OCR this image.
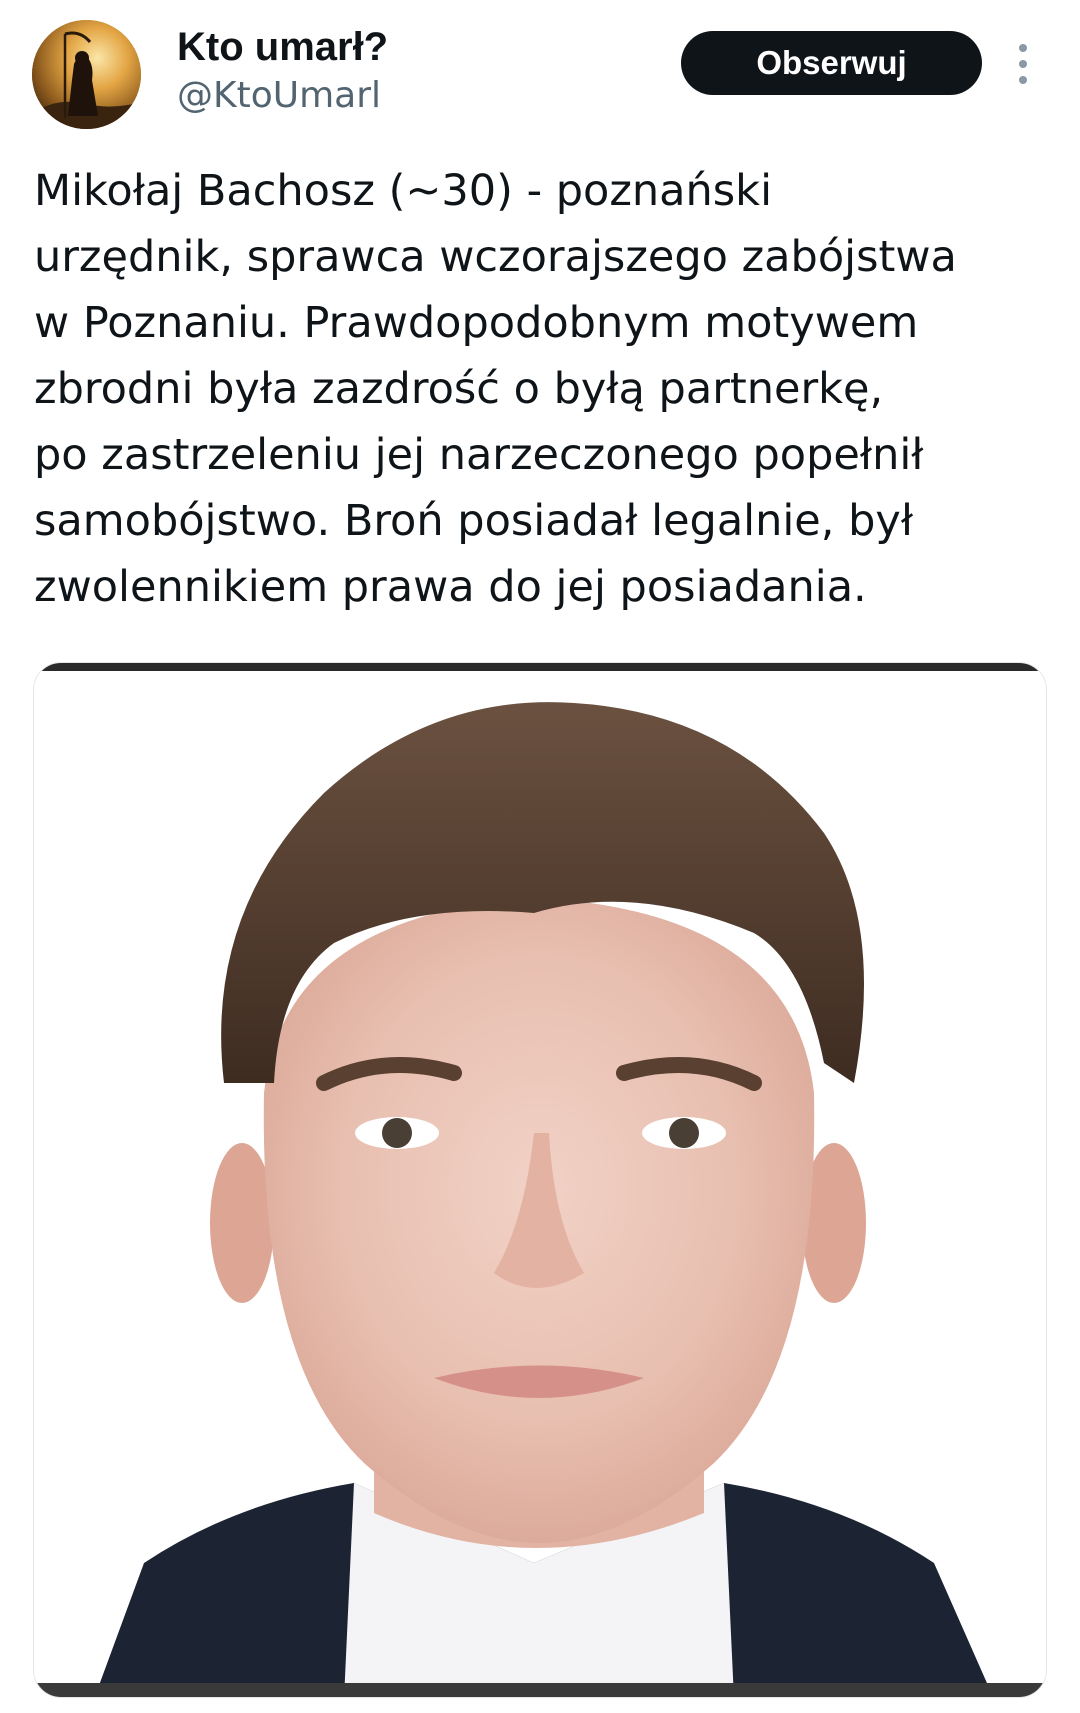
Kto umarł?
@KtoUmarl
Obserwuj
Mikołaj Bachosz (~30) - poznański
urzędnik, sprawca wczorajszego zabójstwa
w Poznaniu. Prawdopodobnym motywem
zbrodni była zazdrość o byłą partnerkę,
po zastrzeleniu jej narzeczonego popełnił
samobójstwo. Broń posiadał legalnie, był
zwolennikiem prawa do jej posiadania.
